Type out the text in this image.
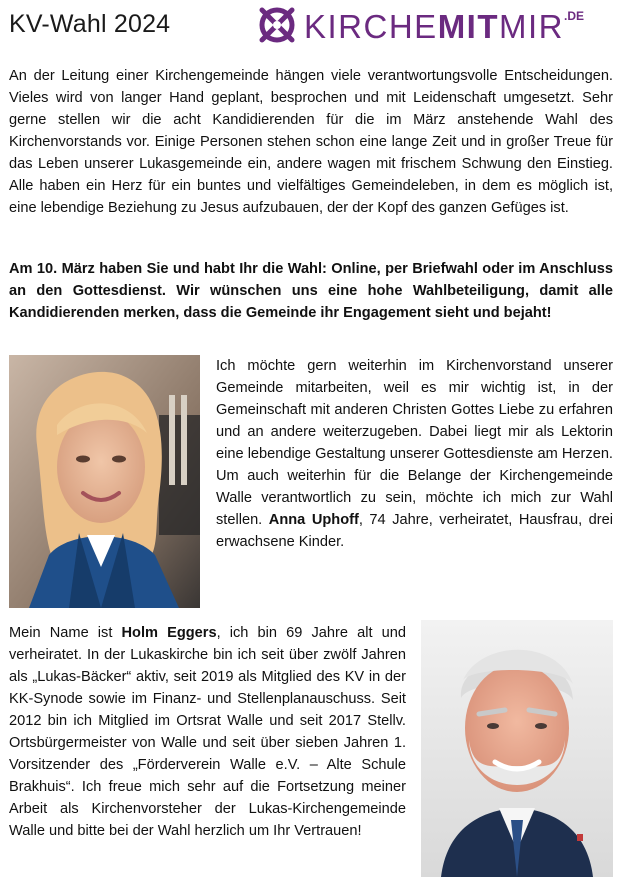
KV-Wahl 2024	$KIRCHEMITMIR^{.DE}$

An der Leitung einer Kirchengemeinde hängen viele verantwortungsvolle Entscheidungen. Vieles wird von langer Hand geplant, besprochen und mit Leidenschaft umgesetzt. Sehr gerne stellen wir die acht Kandidierenden für die im März anstehende Wahl des Kirchenvorstands vor. Einige Personen stehen schon eine lange Zeit und in großer Treue für das Leben unserer Lukasgemeinde ein, andere wagen mit frischem Schwung den Einstieg. Alle haben ein Herz für ein buntes und vielfältiges Gemeindeleben, in dem es möglich ist, eine lebendige Beziehung zu Jesus aufzubauen, der der Kopf des ganzen Gefüges ist.

Am 10. März haben Sie und habt Ihr die Wahl: Online, per Briefwahl oder im Anschluss an den Gottesdienst. Wir wünschen uns eine hohe Wahlbeteiligung, damit alle Kandidierenden merken, dass die Gemeinde ihr Engagement sieht und bejaht!

Ich möchte gern weiterhin im Kirchenvorstand unserer Gemeinde mitarbeiten, weil es mir wichtig ist, in der Gemeinschaft mit anderen Christen Gottes Liebe zu erfahren und an andere weiterzugeben. Dabei liegt mir als Lektorin eine lebendige Gestaltung unserer Gottesdienste am Herzen. Um auch weiterhin für die Belange der Kirchengemeinde Walle verantwortlich zu sein, möchte ich mich zur Wahl stellen. Anna Uphoff, 74 Jahre, verheiratet, Hausfrau, drei erwachsene Kinder.

Mein Name ist Holm Eggers, ich bin 69 Jahre alt und verheiratet. In der Lukaskirche bin ich seit über zwölf Jahren als „Lukas-Bäcker“ aktiv, seit 2019 als Mitglied des KV in der KK-Synode sowie im Finanz- und Stellenplanauschuss. Seit 2012 bin ich Mitglied im Ortsrat Walle und seit 2017 Stellv. Ortsbürgermeister von Walle und seit über sieben Jahren 1. Vorsitzender des „Förderverein Walle e.V. – Alte Schule Brakhuis“. Ich freue mich sehr auf die Fortsetzung meiner Arbeit als Kirchenvorsteher der Lukas-Kirchengemeinde Walle und bitte bei der Wahl herzlich um Ihr Vertrauen!
